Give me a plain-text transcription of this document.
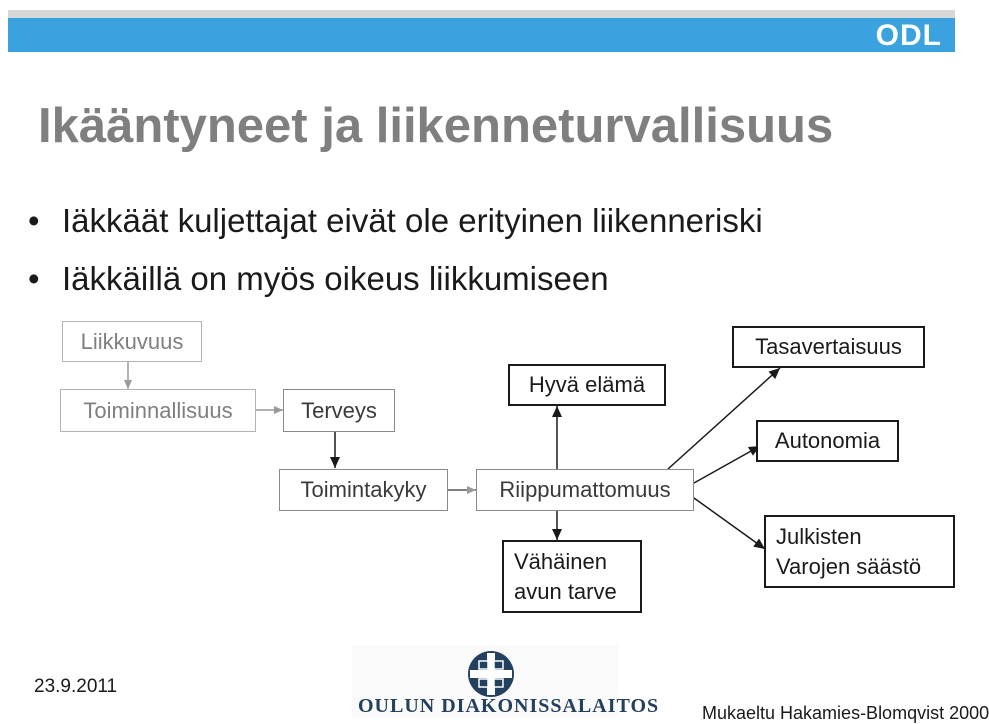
ODL
Ikääntyneet ja liikenneturvallisuus
• Iäkkäät kuljettajat eivät ole erityinen liikenneriski
• Iäkkäillä on myös oikeus liikkumiseen
Liikkuvuus
Toiminnallisuus	Terveys
Toimintakyky	Riippumattomuus
Hyvä elämä
Vähäinen
avun tarve
Tasavertaisuus
Autonomia
Julkisten
Varojen säästö
23.9.2011
OULUN DIAKONISSALAITOS Mukaeltu Hakamies-Blomqvist 2000
